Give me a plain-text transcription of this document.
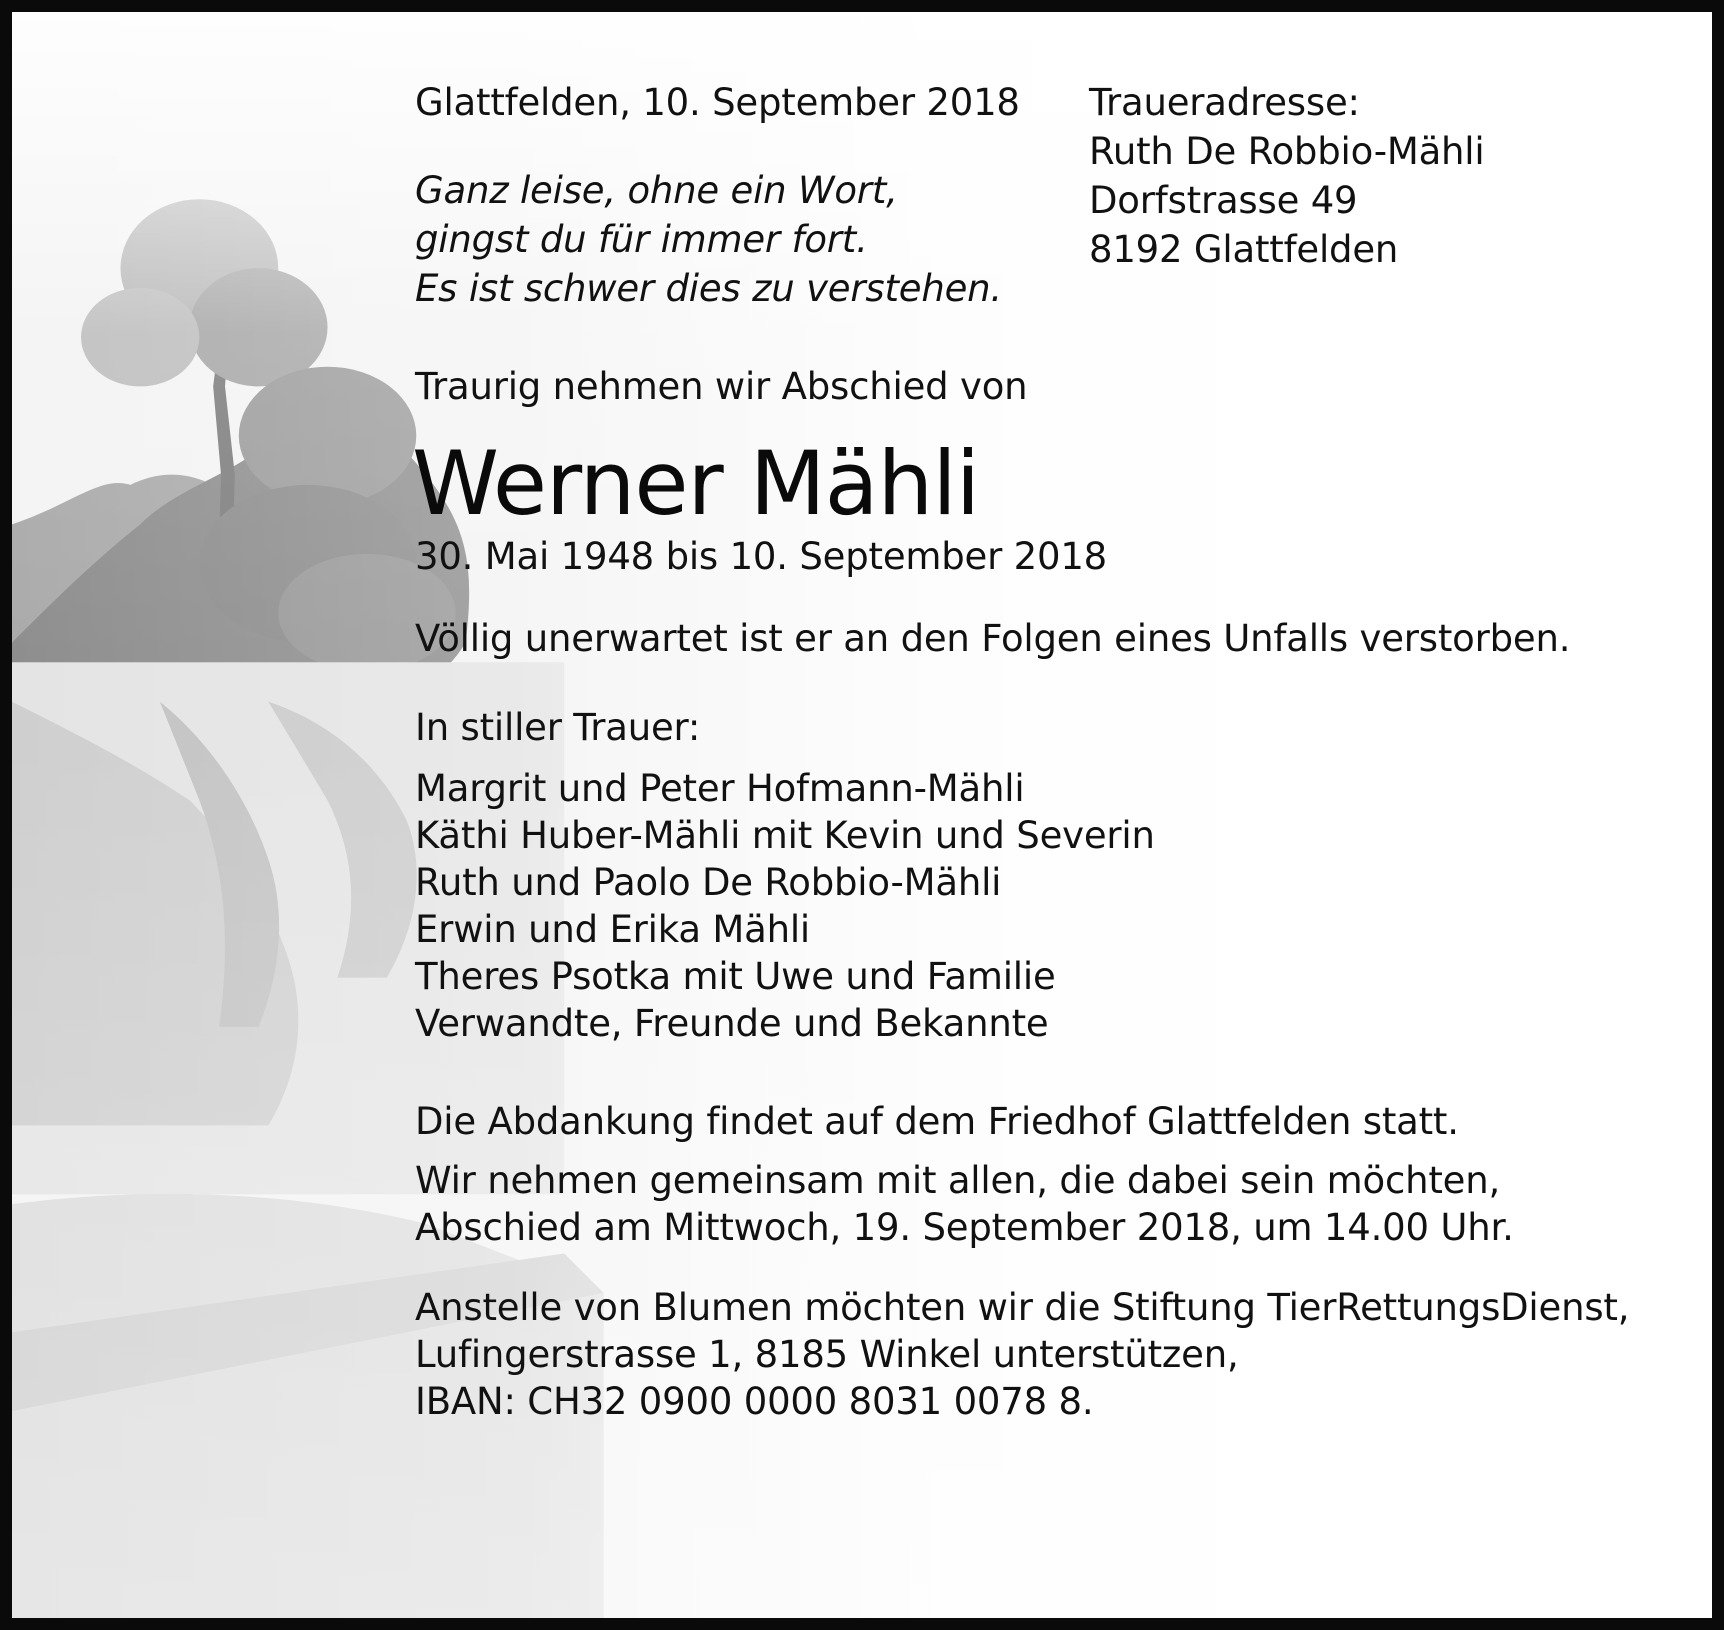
Glattfelden, 10. September 2018
Ganz leise, ohne ein Wort,
gingst du für immer fort.
Es ist schwer dies zu verstehen.
Traueradresse:
Ruth De Robbio-Mähli
Dorfstrasse 49
8192 Glattfelden
Traurig nehmen wir Abschied von
Werner Mähli
30. Mai 1948 bis 10. September 2018
Völlig unerwartet ist er an den Folgen eines Unfalls verstorben.
In stiller Trauer:
Margrit und Peter Hofmann-Mähli
Käthi Huber-Mähli mit Kevin und Severin
Ruth und Paolo De Robbio-Mähli
Erwin und Erika Mähli
Theres Psotka mit Uwe und Familie
Verwandte, Freunde und Bekannte
Die Abdankung findet auf dem Friedhof Glattfelden statt.
Wir nehmen gemeinsam mit allen, die dabei sein möchten,
Abschied am Mittwoch, 19. September 2018, um 14.00 Uhr.
Anstelle von Blumen möchten wir die Stiftung TierRettungsDienst,
Lufingerstrasse 1, 8185 Winkel unterstützen,
IBAN: CH32 0900 0000 8031 0078 8.
